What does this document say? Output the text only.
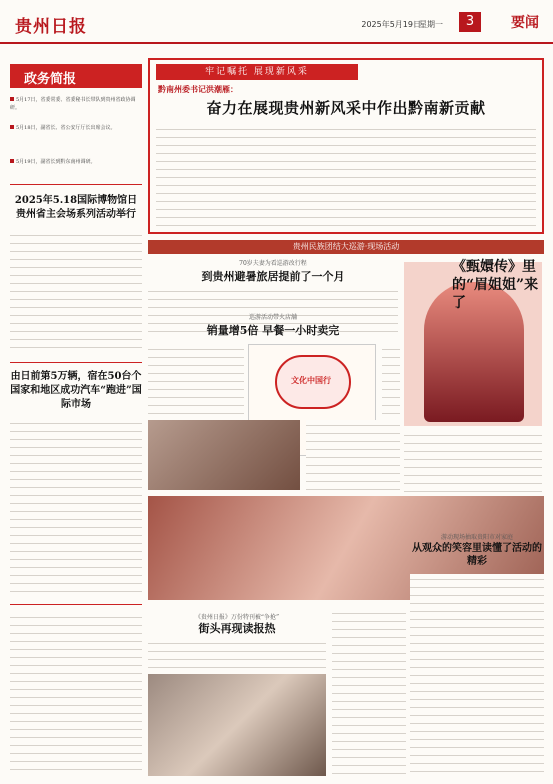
贵州日报	2025年5月19日
星期一	3	要闻
政务简报
5月17日，省委常委、省委秘书长带队到贵州省政协调研。
5月18日，副省长、省公安厅厅长出席会议。
5月19日，副省长到黔东南州调研。
2025年5.18国际博物馆日贵州省主会场系列活动举行
由日前第5万辆，宿在50台个国家和地区成功汽车“跑进”国际市场
牢记嘱托 展现新风采
黔南州委书记洪潮雁：
奋力在展现贵州新风采中作出黔南新贡献
贵州民族团结大巡游·现场活动
70岁夫妻为看巡游改行程
到贵州避暑旅居提前了一个月
巡游活动带火店舖
销量增5倍 早餐一小时卖完
文化中国行
《甄嬛传》里的“眉姐姐”来了
《贵州日报》万份特刊被“争抢”
街头再现读报热
游动现场抽取贵阳市对家庭
从观众的笑容里读懂了活动的精彩
